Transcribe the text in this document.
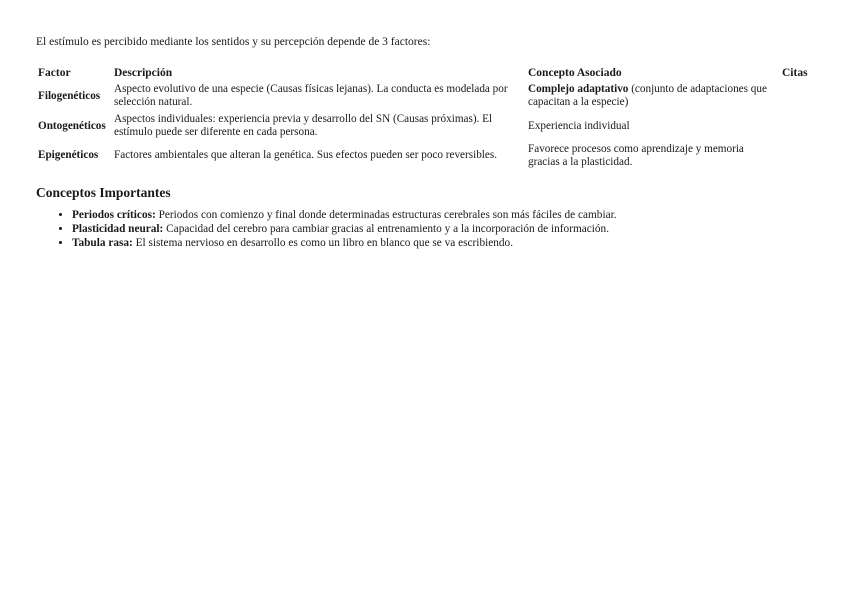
El estímulo es percibido mediante los sentidos y su percepción depende de 3 factores:

Factor	Descripción	Concepto Asociado	Citas
Filogenéticos	Aspecto evolutivo de una especie (Causas físicas lejanas). La conducta es modelada por selección natural.	Complejo adaptativo (conjunto de adaptaciones que capacitan a la especie)	
Ontogenéticos	Aspectos individuales: experiencia previa y desarrollo del SN (Causas próximas). El estímulo puede ser diferente en cada persona.	Experiencia individual	
Epigenéticos	Factores ambientales que alteran la genética. Sus efectos pueden ser poco reversibles.	Favorece procesos como aprendizaje y memoria gracias a la plasticidad.	
Conceptos Importantes
• Periodos críticos: Periodos con comienzo y final donde determinadas estructuras cerebrales son más fáciles de cambiar.
• Plasticidad neural: Capacidad del cerebro para cambiar gracias al entrenamiento y a la incorporación de información.
• Tabula rasa: El sistema nervioso en desarrollo es como un libro en blanco que se va escribiendo.
